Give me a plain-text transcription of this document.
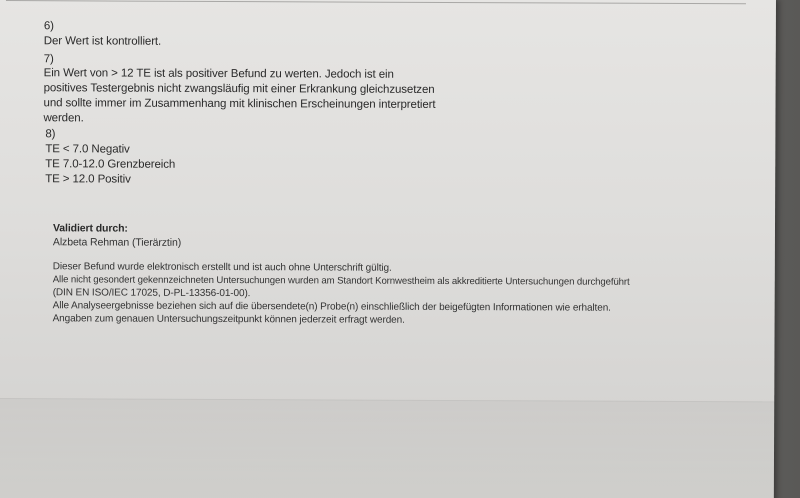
6)
Der Wert ist kontrolliert.
7)
Ein Wert von > 12 TE ist als positiver Befund zu werten. Jedoch ist ein
positives Testergebnis nicht zwangsläufig mit einer Erkrankung gleichzusetzen
und sollte immer im Zusammenhang mit klinischen Erscheinungen interpretiert
werden.
8)
TE < 7.0 Negativ
TE 7.0-12.0 Grenzbereich
TE > 12.0 Positiv
Validiert durch:
Alzbeta Rehman (Tierärztin)
Dieser Befund wurde elektronisch erstellt und ist auch ohne Unterschrift gültig.
Alle nicht gesondert gekennzeichneten Untersuchungen wurden am Standort Kornwestheim als akkreditierte Untersuchungen durchgeführt
(DIN EN ISO/IEC 17025, D-PL-13356-01-00).
Alle Analyseergebnisse beziehen sich auf die übersendete(n) Probe(n) einschließlich der beigefügten Informationen wie erhalten.
Angaben zum genauen Untersuchungszeitpunkt können jederzeit erfragt werden.
